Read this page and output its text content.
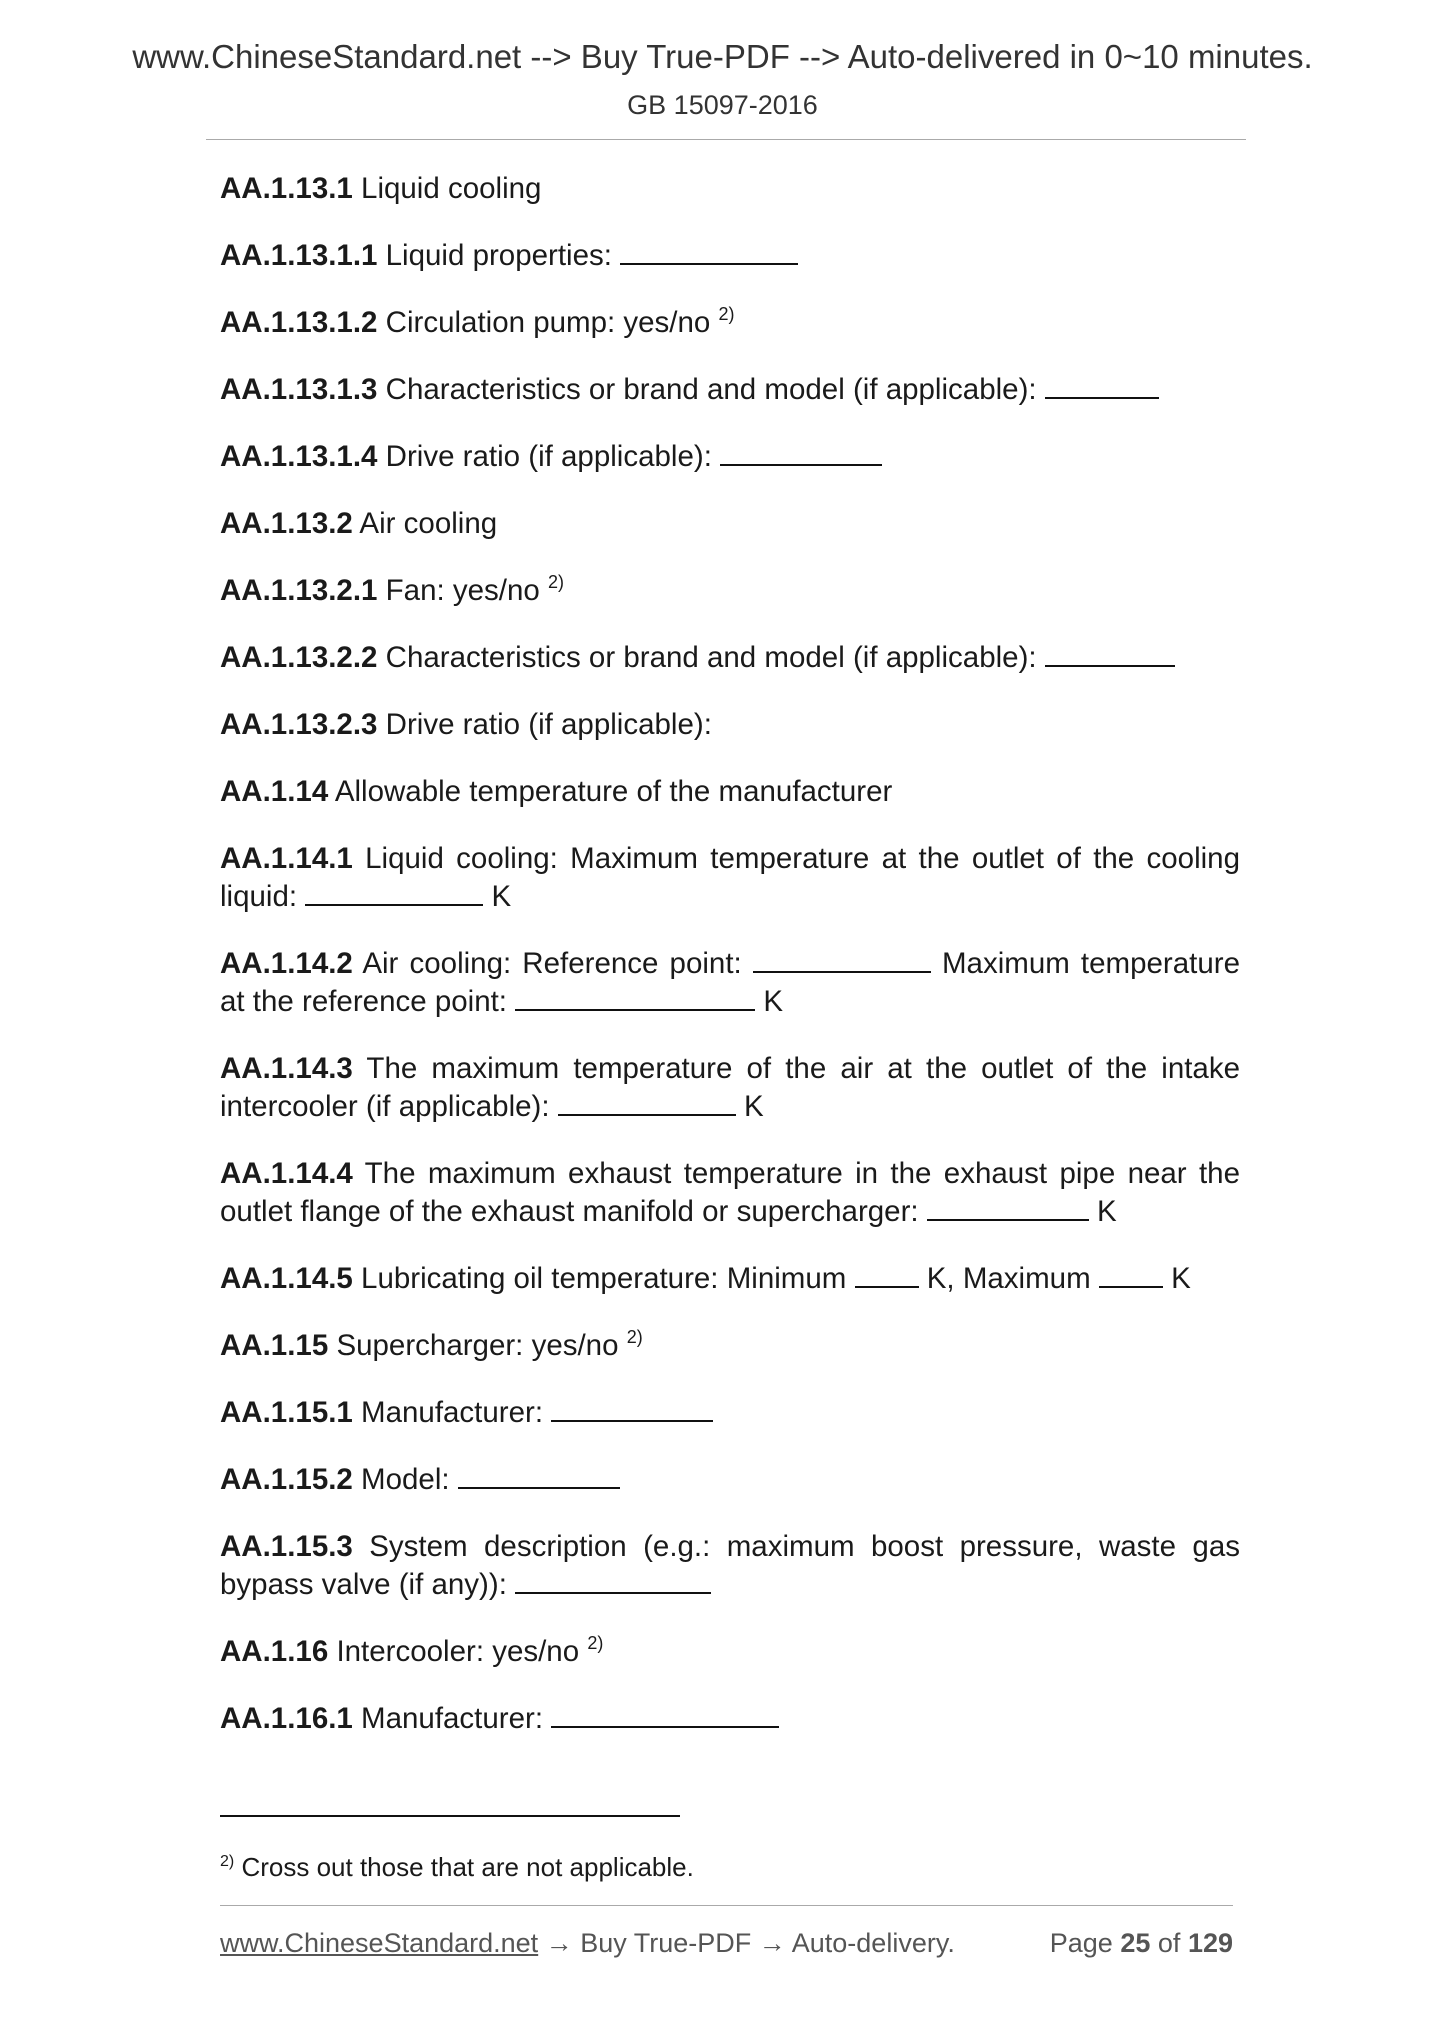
www.ChineseStandard.net --> Buy True-PDF --> Auto-delivered in 0~10 minutes.
GB 15097-2016

AA.1.13.1 Liquid cooling

AA.1.13.1.1 Liquid properties:

AA.1.13.1.2 Circulation pump: yes/no $^{2)}$

AA.1.13.1.3 Characteristics or brand and model (if applicable):

AA.1.13.1.4 Drive ratio (if applicable):

AA.1.13.2 Air cooling

AA.1.13.2.1 Fan: yes/no $^{2)}$

AA.1.13.2.2 Characteristics or brand and model (if applicable):

AA.1.13.2.3 Drive ratio (if applicable):

AA.1.14 Allowable temperature of the manufacturer

AA.1.14.1 Liquid cooling: Maximum temperature at the outlet of the cooling liquid:	K

AA.1.14.2 Air cooling: Reference point:	Maximum temperature at the reference point:	K

AA.1.14.3 The maximum temperature of the air at the outlet of the intake intercooler (if applicable):	K

AA.1.14.4 The maximum exhaust temperature in the exhaust pipe near the outlet flange of the exhaust manifold or supercharger:	K

AA.1.14.5 Lubricating oil temperature: Minimum	K, Maximum	K

AA.1.15 Supercharger: yes/no $^{2)}$

AA.1.15.1 Manufacturer:

AA.1.15.2 Model:

AA.1.15.3 System description (e.g.: maximum boost pressure, waste gas bypass valve (if any)):

AA.1.16 Intercooler: yes/no $^{2)}$

AA.1.16.1 Manufacturer:

$^{2)}$ Cross out those that are not applicable.
www.ChineseStandard.net → Buy True-PDF → Auto-delivery.	Page 25 of 129
